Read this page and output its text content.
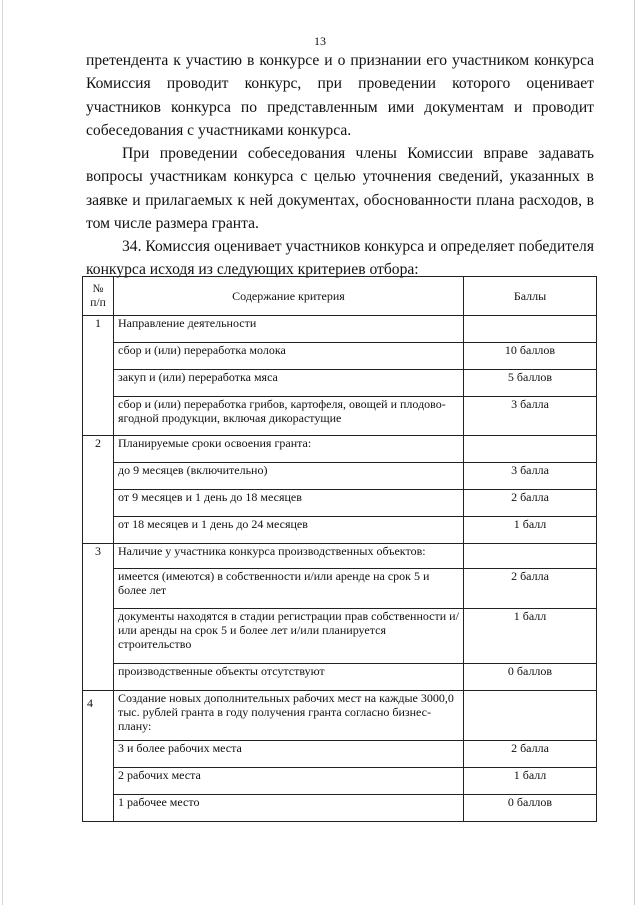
13
претендента к участию в конкурсе и о признании его участником конкурса Комиссия проводит конкурс, при проведении которого оценивает участников конкурса по представленным ими документам и проводит собеседования с участниками конкурса.
При проведении собеседования члены Комиссии вправе задавать вопросы участникам конкурса с целью уточнения сведений, указанных в заявке и прилагаемых к ней документах, обоснованности плана расходов, в том числе размера гранта.
34. Комиссия оценивает участников конкурса и определяет победителя конкурса исходя из следующих критериев отбора:
№
п/п	Содержание критерия	Баллы
1	Направление деятельности	
	сбор и (или) переработка молока	10 баллов
	закуп и (или) переработка мяса	5 баллов
	сбор и (или) переработка грибов, картофеля, овощей и плодово-ягодной продукции, включая дикорастущие	3 балла
2	Планируемые сроки освоения гранта:	
	до 9 месяцев (включительно)	3 балла
	от 9 месяцев и 1 день до 18 месяцев	2 балла
	от 18 месяцев и 1 день до 24 месяцев	1 балл
3	Наличие у участника конкурса производственных объектов:	
	имеется (имеются) в собственности и/или аренде на срок 5 и более лет	2 балла
	документы находятся в стадии регистрации прав собственности и/или аренды на срок 5 и более лет и/или планируется строительство	1 балл
	производственные объекты отсутствуют	0 баллов
4	Создание новых дополнительных рабочих мест на каждые 3000,0 тыс. рублей гранта в году получения гранта согласно бизнес-плану:	
	3 и более рабочих места	2 балла
	2 рабочих места	1 балл
	1 рабочее место	0 баллов
